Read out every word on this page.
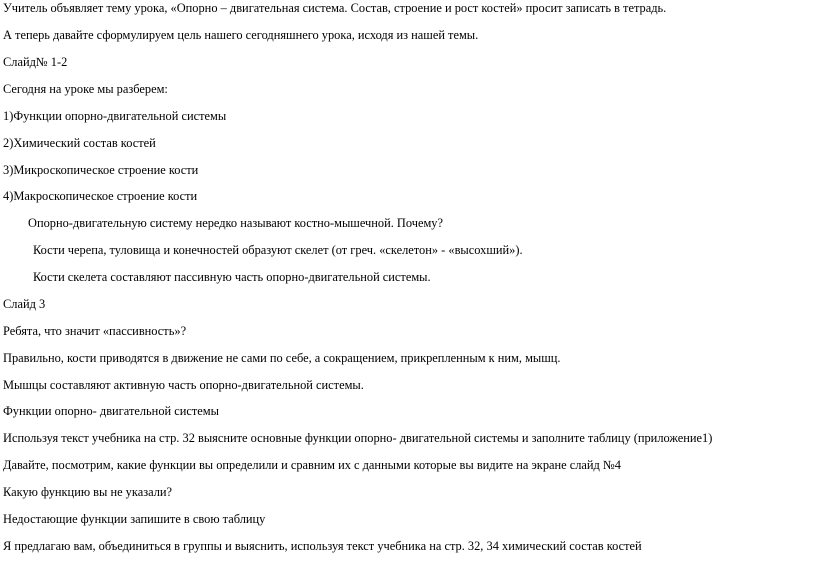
Учитель объявляет тему урока, «Опорно – двигательная система. Состав, строение и рост костей» просит записать в тетрадь.

А теперь давайте сформулируем цель нашего сегодняшнего урока, исходя из нашей темы.

Слайд№ 1-2

Сегодня на уроке мы разберем:

1)Функции опорно-двигательной системы

2)Химический состав костей

3)Микроскопическое строение кости

4)Макроскопическое строение кости

Опорно-двигательную систему нередко называют костно-мышечной. Почему?

Кости черепа, туловища и конечностей образуют скелет (от греч. «скелетон» - «высохший»).

Кости скелета составляют пассивную часть опорно-двигательной системы.

Слайд 3

Ребята, что значит «пассивность»?

Правильно, кости приводятся в движение не сами по себе, а сокращением, прикрепленным к ним, мышц.

Мышцы составляют активную часть опорно-двигательной системы.

Функции опорно- двигательной системы

Используя текст учебника на стр. 32 выясните основные функции опорно- двигательной системы и заполните таблицу (приложение1)

Давайте, посмотрим, какие функции вы определили и сравним их с данными которые вы видите на экране слайд №4

Какую функцию вы не указали?

Недостающие функции запишите в свою таблицу

Я предлагаю вам, объединиться в группы и выяснить, используя текст учебника на стр. 32, 34 химический состав костей
